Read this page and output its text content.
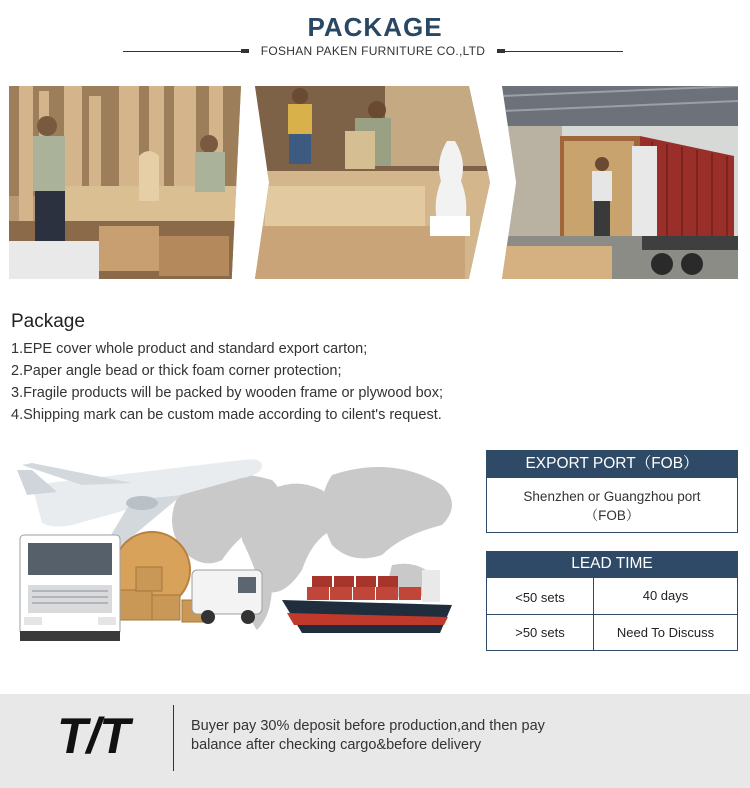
PACKAGE
FOSHAN PAKEN FURNITURE CO.,LTD
Package
1.EPE cover whole product and standard export carton;
2.Paper angle bead or thick foam corner protection;
3.Fragile products will be packed by wooden frame or plywood box;
4.Shipping mark can be custom made according to cilent's request.
EXPORT PORT（FOB）
Shenzhen or Guangzhou port
（FOB）
LEAD TIME
<50 sets	40 days
>50 sets	Need To Discuss
T/T	Buyer pay 30% deposit before production,and then pay
balance after checking cargo&before delivery
